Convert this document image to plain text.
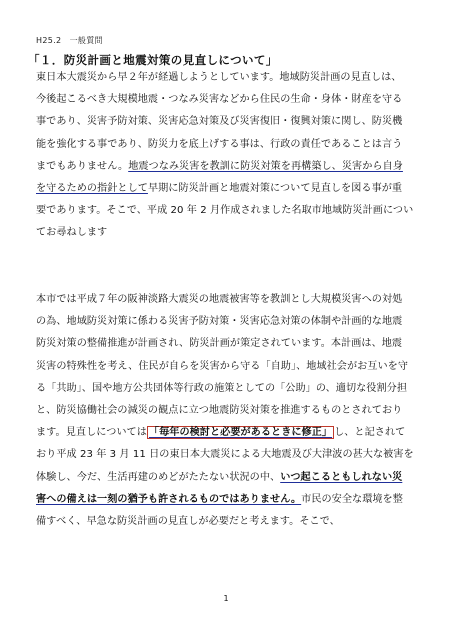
H25.2　一般質問
「１．防災計画と地震対策の見直しについて」
東日本大震災から早２年が経過しようとしています。地域防災計画の見直しは、
今後起こるべき大規模地震・つなみ災害などから住民の生命・身体・財産を守る
事であり、災害予防対策、災害応急対策及び災害復旧・復興対策に関し、防災機
能を強化する事であり、防災力を底上げする事は、行政の責任であることは言う
までもありません。地震つなみ災害を教訓に防災対策を再構築し、災害から自身
を守るための指針として早期に防災計画と地震対策について見直しを図る事が重
要であります。そこで、平成 20 年 2 月作成されました名取市地域防災計画につい
てお尋ねします
本市では平成７年の阪神淡路大震災の地震被害等を教訓とし大規模災害への対処
の為、地域防災対策に係わる災害予防対策・災害応急対策の体制や計画的な地震
防災対策の整備推進が計画され、防災計画が策定されています。本計画は、地震
災害の特殊性を考え、住民が自らを災害から守る「自助」、地域社会がお互いを守
る「共助」、国や地方公共団体等行政の施策としての「公助」の、適切な役割分担
と、防災協働社会の減災の観点に立つ地震防災対策を推進するものとされており
ます。見直しについては 「毎年の検討と必要があるときに修正」 し、と記されて
おり平成 23 年 3 月 11 日の東日本大震災による大地震及び大津波の甚大な被害を
体験し、今だ、生活再建のめどがたたない状況の中、いつ起こるともしれない災
害への備えは一刻の猶予も許されるものではありません。市民の安全な環境を整
備すべく、早急な防災計画の見直しが必要だと考えます。そこで、
1
